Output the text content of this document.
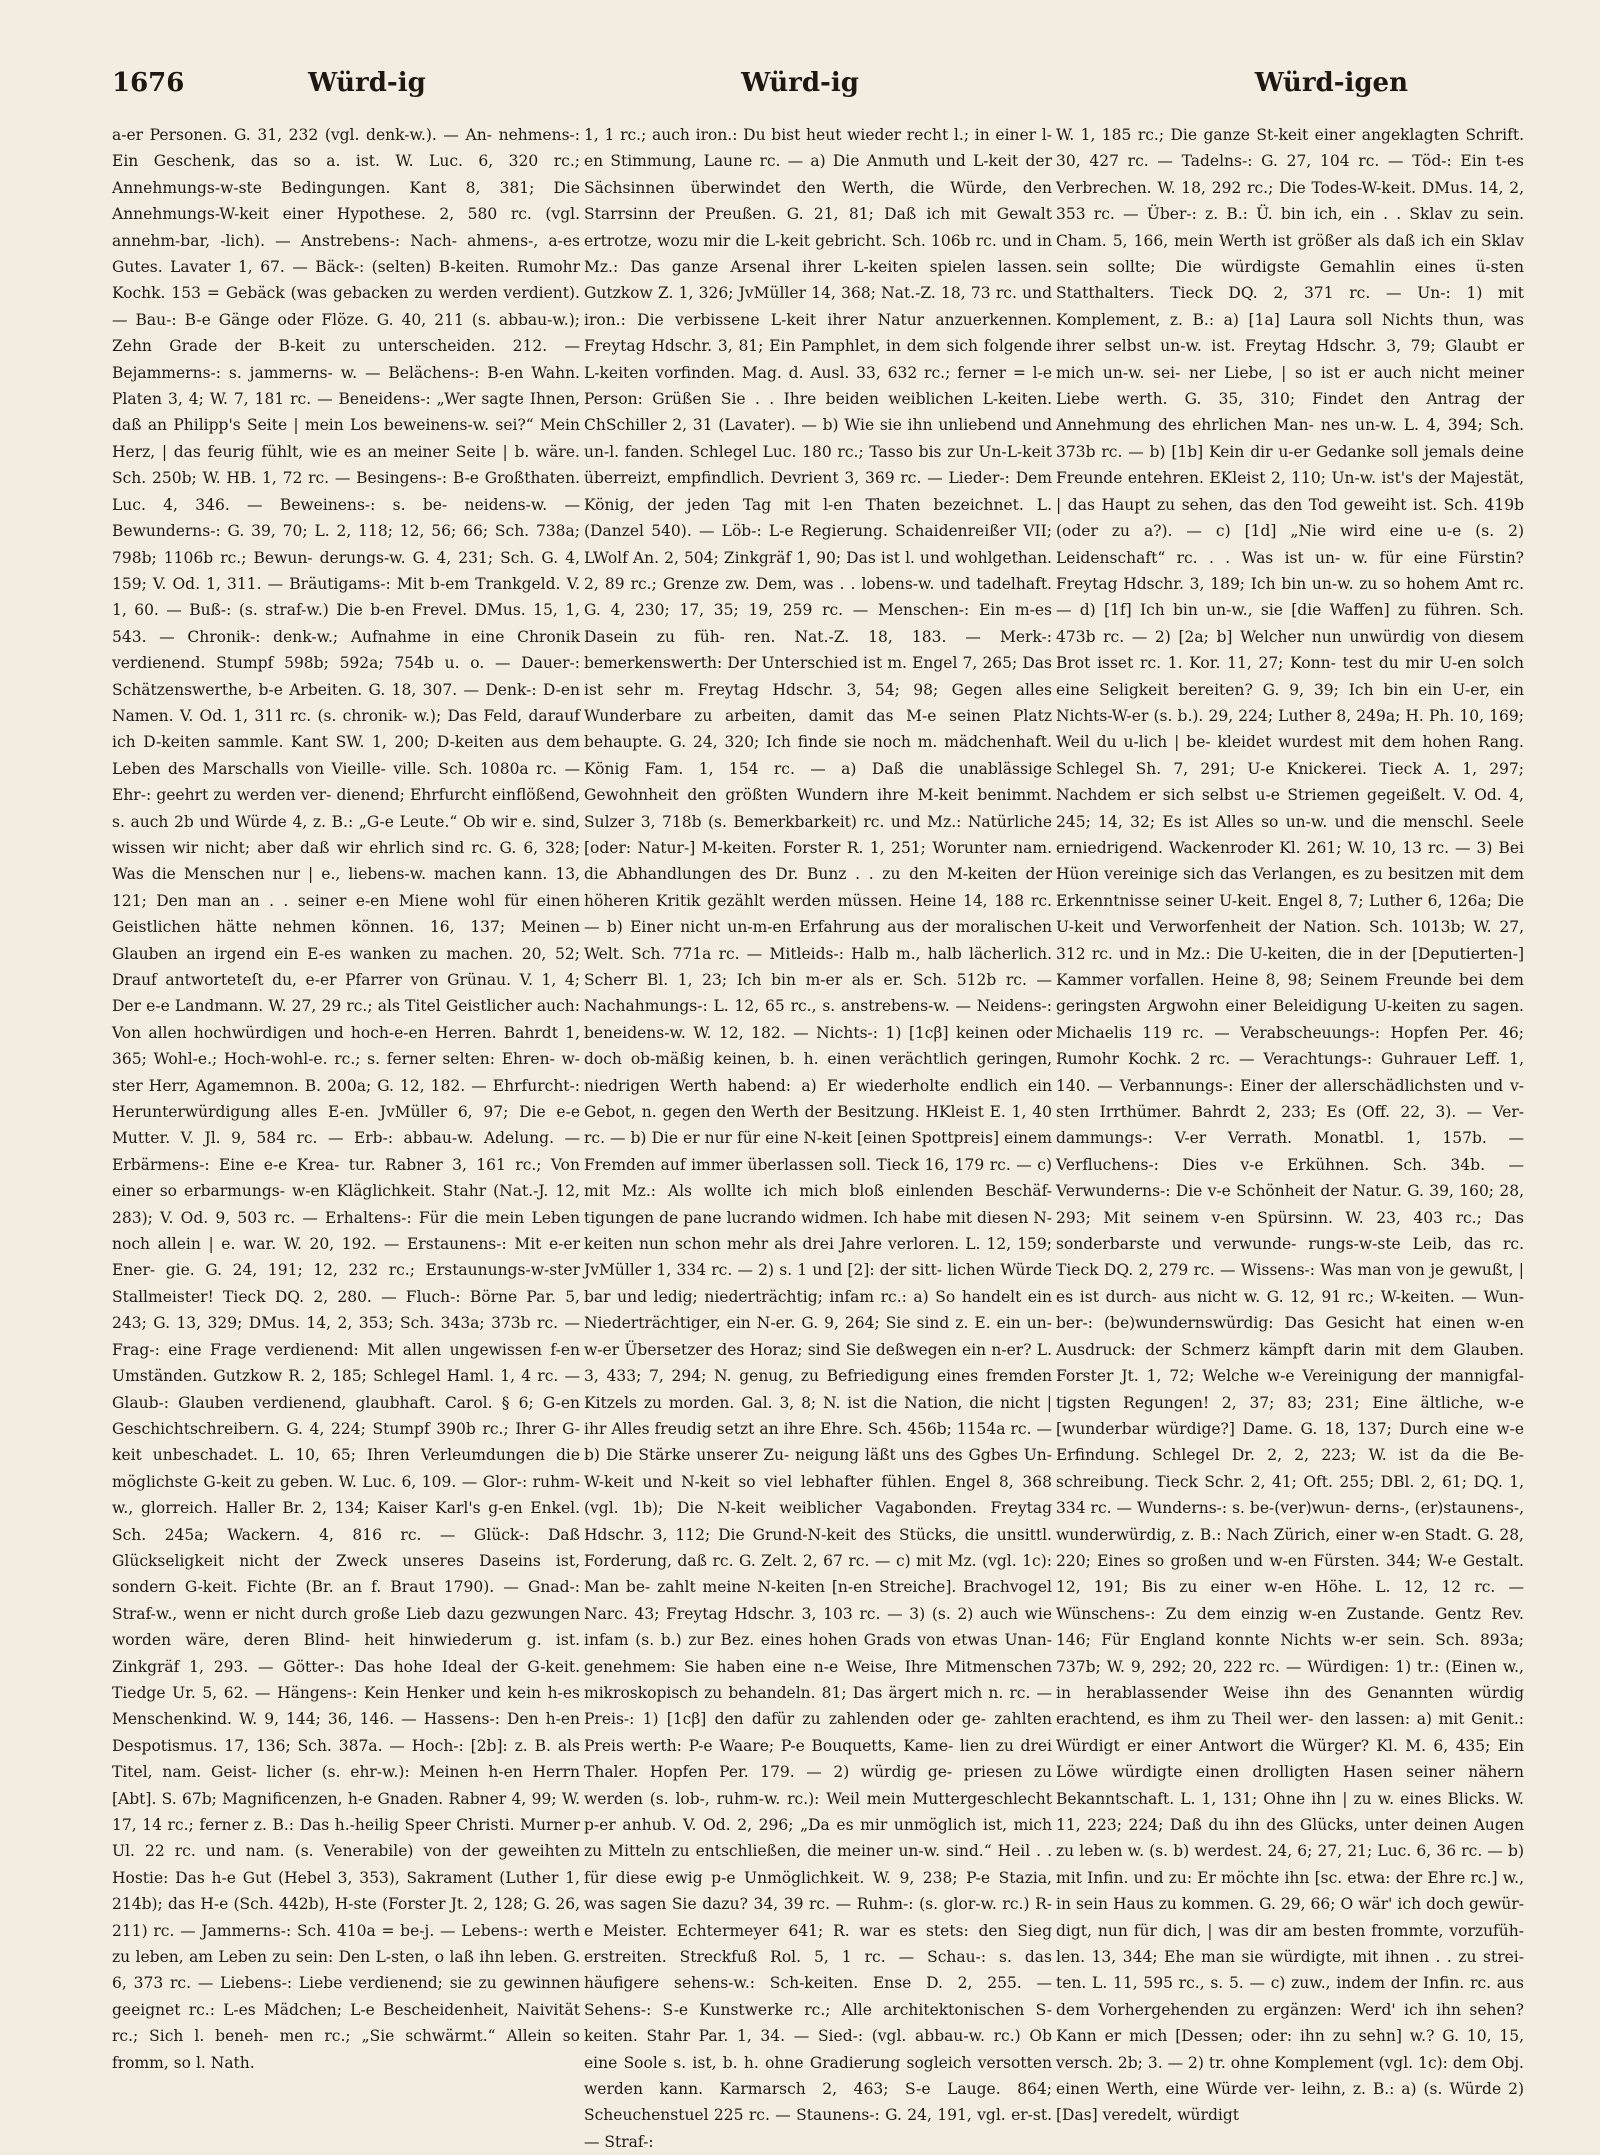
1676	Würd-ig	Würd-ig	Würd-igen

a-er Personen. G. 31, 232 (vgl. denk-w.). — An- nehmens-: Ein Geschenk, das so a. ist. W. Luc. 6, 320 rc.; Annehmungs-w-ste Bedingungen. Kant 8, 381; Die Annehmungs-W-keit einer Hypothese. 2, 580 rc. (vgl. annehm-bar, -lich). — Anstrebens-: Nach- ahmens-, a-es Gutes. Lavater 1, 67. — Bäck-: (selten) B-keiten. Rumohr Kochk. 153 = Gebäck (was gebacken zu werden verdient). — Bau-: B-e Gänge oder Flöze. G. 40, 211 (s. abbau-w.); Zehn Grade der B-keit zu unterscheiden. 212. — Bejammerns-: s. jammerns- w. — Belächens-: B-en Wahn. Platen 3, 4; W. 7, 181 rc. — Beneidens-: „Wer sagte Ihnen, daß an Philipp's Seite | mein Los beweinens-w. sei?“ Mein Herz, | das feurig fühlt, wie es an meiner Seite | b. wäre. Sch. 250b; W. HB. 1, 72 rc. — Besingens-: B-e Großthaten. Luc. 4, 346. — Beweinens-: s. be- neidens-w. — Bewunderns-: G. 39, 70; L. 2, 118; 12, 56; 66; Sch. 738a; 798b; 1106b rc.; Bewun- derungs-w. G. 4, 231; Sch. G. 4, 159; V. Od. 1, 311. — Bräutigams-: Mit b-em Trankgeld. V. 1, 60. — Buß-: (s. straf-w.) Die b-en Frevel. DMus. 15, 1, 543. — Chronik-: denk-w.; Aufnahme in eine Chronik verdienend. Stumpf 598b; 592a; 754b u. o. — Dauer-: Schätzenswerthe, b-e Arbeiten. G. 18, 307. — Denk-: D-en Namen. V. Od. 1, 311 rc. (s. chronik- w.); Das Feld, darauf ich D-keiten sammle. Kant SW. 1, 200; D-keiten aus dem Leben des Marschalls von Vieille- ville. Sch. 1080a rc. — Ehr-: geehrt zu werden ver- dienend; Ehrfurcht einflößend, s. auch 2b und Würde 4, z. B.: „G-e Leute.“ Ob wir e. sind, wissen wir nicht; aber daß wir ehrlich sind rc. G. 6, 328; Was die Menschen nur | e., liebens-w. machen kann. 13, 121; Den man an . . seiner e-en Miene wohl für einen Geistlichen hätte nehmen können. 16, 137; Meinen Glauben an irgend ein E-es wanken zu machen. 20, 52; Drauf antworteteſt du, e-er Pfarrer von Grünau. V. 1, 4; Der e-e Landmann. W. 27, 29 rc.; als Titel Geistlicher auch: Von allen hochwürdigen und hoch-e-en Herren. Bahrdt 1, 365; Wohl-e.; Hoch-wohl-e. rc.; s. ferner selten: Ehren- w-ster Herr, Agamemnon. B. 200a; G. 12, 182. — Ehrfurcht-: Herunterwürdigung alles E-en. JvMüller 6, 97; Die e-e Mutter. V. Jl. 9, 584 rc. — Erb-: abbau-w. Adelung. — Erbärmens-: Eine e-e Krea- tur. Rabner 3, 161 rc.; Von einer so erbarmungs- w-en Kläglichkeit. Stahr (Nat.-J. 12, 283); V. Od. 9, 503 rc. — Erhaltens-: Für die mein Leben noch allein | e. war. W. 20, 192. — Erstaunens-: Mit e-er Ener- gie. G. 24, 191; 12, 232 rc.; Erstaunungs-w-ster Stallmeister! Tieck DQ. 2, 280. — Fluch-: Börne Par. 5, 243; G. 13, 329; DMus. 14, 2, 353; Sch. 343a; 373b rc. — Frag-: eine Frage verdienend: Mit allen ungewissen f-en Umständen. Gutzkow R. 2, 185; Schlegel Haml. 1, 4 rc. — Glaub-: Glauben verdienend, glaubhaft. Carol. § 6; G-en Geschichtschreibern. G. 4, 224; Stumpf 390b rc.; Ihrer G-keit unbeschadet. L. 10, 65; Ihren Verleumdungen die möglichste G-keit zu geben. W. Luc. 6, 109. — Glor-: ruhm-w., glorreich. Haller Br. 2, 134; Kaiser Karl's g-en Enkel. Sch. 245a; Wackern. 4, 816 rc. — Glück-: Daß Glückseligkeit nicht der Zweck unseres Daseins ist, sondern G-keit. Fichte (Br. an f. Braut 1790). — Gnad-: Straf-w., wenn er nicht durch große Lieb dazu gezwungen worden wäre, deren Blind- heit hinwiederum g. ist. Zinkgräf 1, 293. — Götter-: Das hohe Ideal der G-keit. Tiedge Ur. 5, 62. — Hängens-: Kein Henker und kein h-es Menschenkind. W. 9, 144; 36, 146. — Hassens-: Den h-en Despotismus. 17, 136; Sch. 387a. — Hoch-: [2b]: z. B. als Titel, nam. Geist- licher (s. ehr-w.): Meinen h-en Herrn [Abt]. S. 67b; Magnificenzen, h-e Gnaden. Rabner 4, 99; W. 17, 14 rc.; ferner z. B.: Das h.-heilig Speer Christi. Murner Ul. 22 rc. und nam. (s. Venerabile) von der geweihten Hostie: Das h-e Gut (Hebel 3, 353), Sakrament (Luther 1, 214b); das H-e (Sch. 442b), H-ste (Forster Jt. 2, 128; G. 26, 211) rc. — Jammerns-: Sch. 410a = be-j. — Lebens-: werth zu leben, am Leben zu sein: Den L-sten, o laß ihn leben. G. 6, 373 rc. — Liebens-: Liebe verdienend; sie zu gewinnen geeignet rc.: L-es Mädchen; L-e Bescheidenheit, Naivität rc.; Sich l. beneh- men rc.; „Sie schwärmt.“ Allein so fromm, so l. Nath.

1, 1 rc.; auch iron.: Du bist heut wieder recht l.; in einer l-en Stimmung, Laune rc. — a) Die Anmuth und L-keit der Sächsinnen überwindet den Werth, die Würde, den Starrsinn der Preußen. G. 21, 81; Daß ich mit Gewalt ertrotze, wozu mir die L-keit gebricht. Sch. 106b rc. und in Mz.: Das ganze Arsenal ihrer L-keiten spielen lassen. Gutzkow Z. 1, 326; JvMüller 14, 368; Nat.-Z. 18, 73 rc. und iron.: Die verbissene L-keit ihrer Natur anzuerkennen. Freytag Hdschr. 3, 81; Ein Pamphlet, in dem sich folgende L-keiten vorfinden. Mag. d. Ausl. 33, 632 rc.; ferner = l-e Person: Grüßen Sie . . Ihre beiden weiblichen L-keiten. ChSchiller 2, 31 (Lavater). — b) Wie sie ihn unliebend und un-l. fanden. Schlegel Luc. 180 rc.; Tasso bis zur Un-L-keit überreizt, empfindlich. Devrient 3, 369 rc. — Lieder-: Dem König, der jeden Tag mit l-en Thaten bezeichnet. L. (Danzel 540). — Löb-: L-e Regierung. Schaidenreißer VII; LWolf An. 2, 504; Zinkgräf 1, 90; Das ist l. und wohlgethan. 2, 89 rc.; Grenze zw. Dem, was . . lobens-w. und tadelhaft. G. 4, 230; 17, 35; 19, 259 rc. — Menschen-: Ein m-es Dasein zu füh- ren. Nat.-Z. 18, 183. — Merk-: bemerkenswerth: Der Unterschied ist m. Engel 7, 265; Das ist sehr m. Freytag Hdschr. 3, 54; 98; Gegen alles Wunderbare zu arbeiten, damit das M-e seinen Platz behaupte. G. 24, 320; Ich finde sie noch m. mädchenhaft. König Fam. 1, 154 rc. — a) Daß die unablässige Gewohnheit den größten Wundern ihre M-keit benimmt. Sulzer 3, 718b (s. Bemerkbarkeit) rc. und Mz.: Natürliche [oder: Natur-] M-keiten. Forster R. 1, 251; Worunter nam. die Abhandlungen des Dr. Bunz . . zu den M-keiten der höheren Kritik gezählt werden müssen. Heine 14, 188 rc. — b) Einer nicht un-m-en Erfahrung aus der moralischen Welt. Sch. 771a rc. — Mitleids-: Halb m., halb lächerlich. Scherr Bl. 1, 23; Ich bin m-er als er. Sch. 512b rc. — Nachahmungs-: L. 12, 65 rc., s. anstrebens-w. — Neidens-: beneidens-w. W. 12, 182. — Nichts-: 1) [1cβ] keinen oder doch ob-mäßig keinen, b. h. einen verächtlich geringen, niedrigen Werth habend: a) Er wiederholte endlich ein Gebot, n. gegen den Werth der Besitzung. HKleist E. 1, 40 rc. — b) Die er nur für eine N-keit [einen Spottpreis] einem Fremden auf immer überlassen soll. Tieck 16, 179 rc. — c) mit Mz.: Als wollte ich mich bloß einlenden Beschäf- tigungen de pane lucrando widmen. Ich habe mit diesen N-keiten nun schon mehr als drei Jahre verloren. L. 12, 159; JvMüller 1, 334 rc. — 2) s. 1 und [2]: der sitt- lichen Würde bar und ledig; niederträchtig; infam rc.: a) So handelt ein Niederträchtiger, ein N-er. G. 9, 264; Sie sind z. E. ein un-w-er Übersetzer des Horaz; sind Sie deßwegen ein n-er? L. 3, 433; 7, 294; N. genug, zu Befriedigung eines fremden Kitzels zu morden. Gal. 3, 8; N. ist die Nation, die nicht | ihr Alles freudig setzt an ihre Ehre. Sch. 456b; 1154a rc. — b) Die Stärke unserer Zu- neigung läßt uns des Ggbes Un-W-keit und N-keit so viel lebhafter fühlen. Engel 8, 368 (vgl. 1b); Die N-keit weiblicher Vagabonden. Freytag Hdschr. 3, 112; Die Grund-N-keit des Stücks, die unsittl. Forderung, daß rc. G. Zelt. 2, 67 rc. — c) mit Mz. (vgl. 1c): Man be- zahlt meine N-keiten [n-en Streiche]. Brachvogel Narc. 43; Freytag Hdschr. 3, 103 rc. — 3) (s. 2) auch wie infam (s. b.) zur Bez. eines hohen Grads von etwas Unan- genehmem: Sie haben eine n-e Weise, Ihre Mitmenschen mikroskopisch zu behandeln. 81; Das ärgert mich n. rc. — Preis-: 1) [1cβ] den dafür zu zahlenden oder ge- zahlten Preis werth: P-e Waare; P-e Bouquetts, Kame- lien zu drei Thaler. Hopfen Per. 179. — 2) würdig ge- priesen zu werden (s. lob-, ruhm-w. rc.): Weil mein Muttergeschlecht p-er anhub. V. Od. 2, 296; „Da es mir unmöglich ist, mich zu Mitteln zu entschließen, die meiner un-w. sind.“ Heil . . für diese ewig p-e Unmöglichkeit. W. 9, 238; P-e Stazia, was sagen Sie dazu? 34, 39 rc. — Ruhm-: (s. glor-w. rc.) R-e Meister. Echtermeyer 641; R. war es stets: den Sieg erstreiten. Streckfuß Rol. 5, 1 rc. — Schau-: s. das häufigere sehens-w.: Sch-keiten. Ense D. 2, 255. — Sehens-: S-e Kunstwerke rc.; Alle architektonischen S-keiten. Stahr Par. 1, 34. — Sied-: (vgl. abbau-w. rc.) Ob eine Soole s. ist, b. h. ohne Gradierung sogleich versotten werden kann. Karmarsch 2, 463; S-e Lauge. 864; Scheuchenstuel 225 rc. — Staunens-: G. 24, 191, vgl. er-st. — Straf-:

W. 1, 185 rc.; Die ganze St-keit einer angeklagten Schrift. 30, 427 rc. — Tadelns-: G. 27, 104 rc. — Töd-: Ein t-es Verbrechen. W. 18, 292 rc.; Die Todes-W-keit. DMus. 14, 2, 353 rc. — Über-: z. B.: Ü. bin ich, ein . . Sklav zu sein. Cham. 5, 166, mein Werth ist größer als daß ich ein Sklav sein sollte; Die würdigste Gemahlin eines ü-sten Statthalters. Tieck DQ. 2, 371 rc. — Un-: 1) mit Komplement, z. B.: a) [1a] Laura soll Nichts thun, was ihrer selbst un-w. ist. Freytag Hdschr. 3, 79; Glaubt er mich un-w. sei- ner Liebe, | so ist er auch nicht meiner Liebe werth. G. 35, 310; Findet den Antrag der Annehmung des ehrlichen Man- nes un-w. L. 4, 394; Sch. 373b rc. — b) [1b] Kein dir u-er Gedanke soll jemals deine Freunde entehren. EKleist 2, 110; Un-w. ist's der Majestät, | das Haupt zu sehen, das den Tod geweiht ist. Sch. 419b (oder zu a?). — c) [1d] „Nie wird eine u-e (s. 2) Leidenschaft“ rc. . . Was ist un- w. für eine Fürstin? Freytag Hdschr. 3, 189; Ich bin un-w. zu so hohem Amt rc. — d) [1f] Ich bin un-w., sie [die Waffen] zu führen. Sch. 473b rc. — 2) [2a; b] Welcher nun unwürdig von diesem Brot isset rc. 1. Kor. 11, 27; Konn- test du mir U-en solch eine Seligkeit bereiten? G. 9, 39; Ich bin ein U-er, ein Nichts-W-er (s. b.). 29, 224; Luther 8, 249a; H. Ph. 10, 169; Weil du u-lich | be- kleidet wurdest mit dem hohen Rang. Schlegel Sh. 7, 291; U-e Knickerei. Tieck A. 1, 297; Nachdem er sich selbst u-e Striemen gegeißelt. V. Od. 4, 245; 14, 32; Es ist Alles so un-w. und die menschl. Seele erniedrigend. Wackenroder Kl. 261; W. 10, 13 rc. — 3) Bei Hüon vereinige sich das Verlangen, es zu besitzen mit dem Erkenntnisse seiner U-keit. Engel 8, 7; Luther 6, 126a; Die U-keit und Verworfenheit der Nation. Sch. 1013b; W. 27, 312 rc. und in Mz.: Die U-keiten, die in der [Deputierten-] Kammer vorfallen. Heine 8, 98; Seinem Freunde bei dem geringsten Argwohn einer Beleidigung U-keiten zu sagen. Michaelis 119 rc. — Verabscheuungs-: Hopfen Per. 46; Rumohr Kochk. 2 rc. — Verachtungs-: Guhrauer Leff. 1, 140. — Verbannungs-: Einer der allerschädlichsten und v-sten Irrthümer. Bahrdt 2, 233; Es (Off. 22, 3). — Ver- dammungs-: V-er Verrath. Monatbl. 1, 157b. — Verfluchens-: Dies v-e Erkühnen. Sch. 34b. — Verwunderns-: Die v-e Schönheit der Natur. G. 39, 160; 28, 293; Mit seinem v-en Spürsinn. W. 23, 403 rc.; Das sonderbarste und verwunde- rungs-w-ste Leib, das rc. Tieck DQ. 2, 279 rc. — Wissens-: Was man von je gewußt, | es ist durch- aus nicht w. G. 12, 91 rc.; W-keiten. — Wun- ber-: (be)wundernswürdig: Das Gesicht hat einen w-en Ausdruck: der Schmerz kämpft darin mit dem Glauben. Forster Jt. 1, 72; Welche w-e Vereinigung der mannigfal- tigsten Regungen! 2, 37; 83; 231; Eine ältliche, w-e [wunderbar würdige?] Dame. G. 18, 137; Durch eine w-e Erfindung. Schlegel Dr. 2, 2, 223; W. ist da die Be- schreibung. Tieck Schr. 2, 41; Oft. 255; DBl. 2, 61; DQ. 1, 334 rc. — Wunderns-: s. be-(ver)wun- derns-, (er)staunens-, wunderwürdig, z. B.: Nach Zürich, einer w-en Stadt. G. 28, 220; Eines so großen und w-en Fürsten. 344; W-e Gestalt. 12, 191; Bis zu einer w-en Höhe. L. 12, 12 rc. — Wünschens-: Zu dem einzig w-en Zustande. Gentz Rev. 146; Für England konnte Nichts w-er sein. Sch. 893a; 737b; W. 9, 292; 20, 222 rc. — Würdigen: 1) tr.: (Einen w., in herablassender Weise ihn des Genannten würdig erachtend, es ihm zu Theil wer- den lassen: a) mit Genit.: Würdigt er einer Antwort die Würger? Kl. M. 6, 435; Ein Löwe würdigte einen drolligten Hasen seiner nähern Bekanntschaft. L. 1, 131; Ohne ihn | zu w. eines Blicks. W. 11, 223; 224; Daß du ihn des Glücks, unter deinen Augen zu leben w. (s. b) werdest. 24, 6; 27, 21; Luc. 6, 36 rc. — b) mit Infin. und zu: Er möchte ihn [sc. etwa: der Ehre rc.] w., in sein Haus zu kommen. G. 29, 66; O wär' ich doch gewür- digt, nun für dich, | was dir am besten frommte, vorzufüh- len. 13, 344; Ehe man sie würdigte, mit ihnen . . zu strei- ten. L. 11, 595 rc., s. 5. — c) zuw., indem der Infin. rc. aus dem Vorhergehenden zu ergänzen: Werd' ich ihn sehen? Kann er mich [Dessen; oder: ihn zu sehn] w.? G. 10, 15, versch. 2b; 3. — 2) tr. ohne Komplement (vgl. 1c): dem Obj. einen Werth, eine Würde ver- leihn, z. B.: a) (s. Würde 2) [Das] veredelt, würdigt
